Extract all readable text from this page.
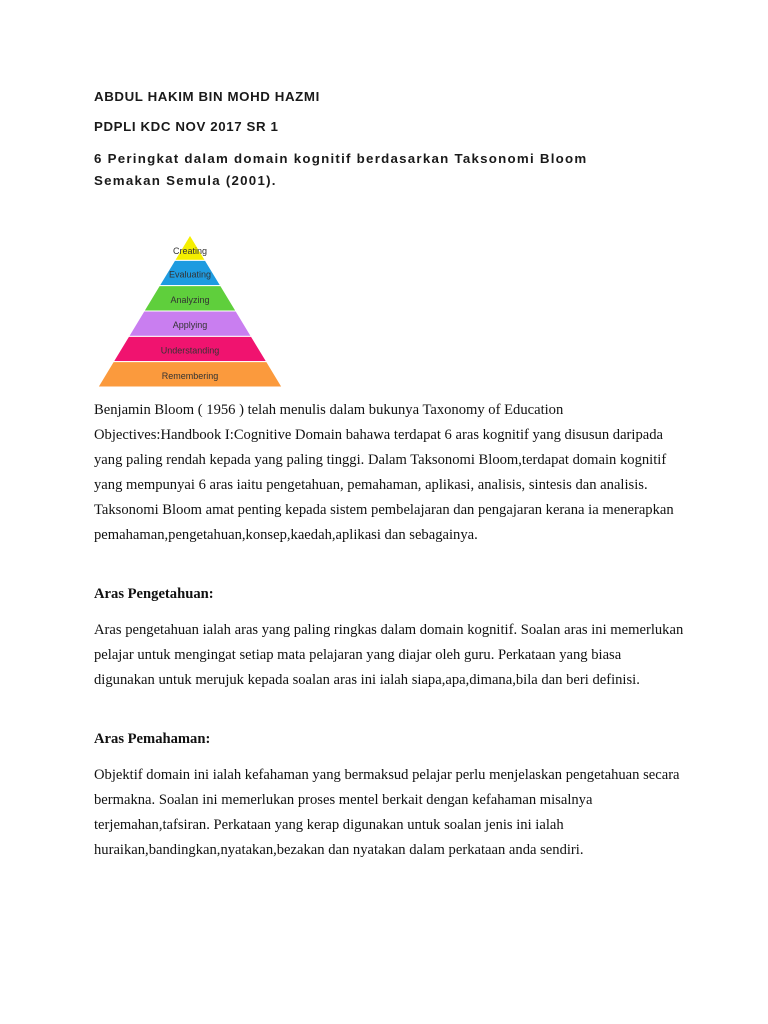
ABDUL HAKIM BIN MOHD HAZMI

PDPLI KDC NOV 2017 SR 1

6 Peringkat dalam domain kognitif berdasarkan Taksonomi Bloom Semakan Semula (2001).

Creating
Evaluating
Analyzing
Applying
Understanding
Remembering

Benjamin Bloom ( 1956 ) telah menulis dalam bukunya Taxonomy of Education Objectives:Handbook I:Cognitive Domain bahawa terdapat 6 aras kognitif yang disusun daripada yang paling rendah kepada yang paling tinggi. Dalam Taksonomi Bloom,terdapat domain kognitif yang mempunyai 6 aras iaitu pengetahuan, pemahaman, aplikasi, analisis, sintesis dan analisis. Taksonomi Bloom amat penting kepada sistem pembelajaran dan pengajaran kerana ia menerapkan pemahaman,pengetahuan,konsep,kaedah,aplikasi dan sebagainya.

Aras Pengetahuan:

Aras pengetahuan ialah aras yang paling ringkas dalam domain kognitif. Soalan aras ini memerlukan pelajar untuk mengingat setiap mata pelajaran yang diajar oleh guru. Perkataan yang biasa digunakan untuk merujuk kepada soalan aras ini ialah siapa,apa,dimana,bila dan beri definisi.

Aras Pemahaman:

Objektif domain ini ialah kefahaman yang bermaksud pelajar perlu menjelaskan pengetahuan secara bermakna. Soalan ini memerlukan proses mentel berkait dengan kefahaman misalnya terjemahan,tafsiran. Perkataan yang kerap digunakan untuk soalan jenis ini ialah huraikan,bandingkan,nyatakan,bezakan dan nyatakan dalam perkataan anda sendiri.
